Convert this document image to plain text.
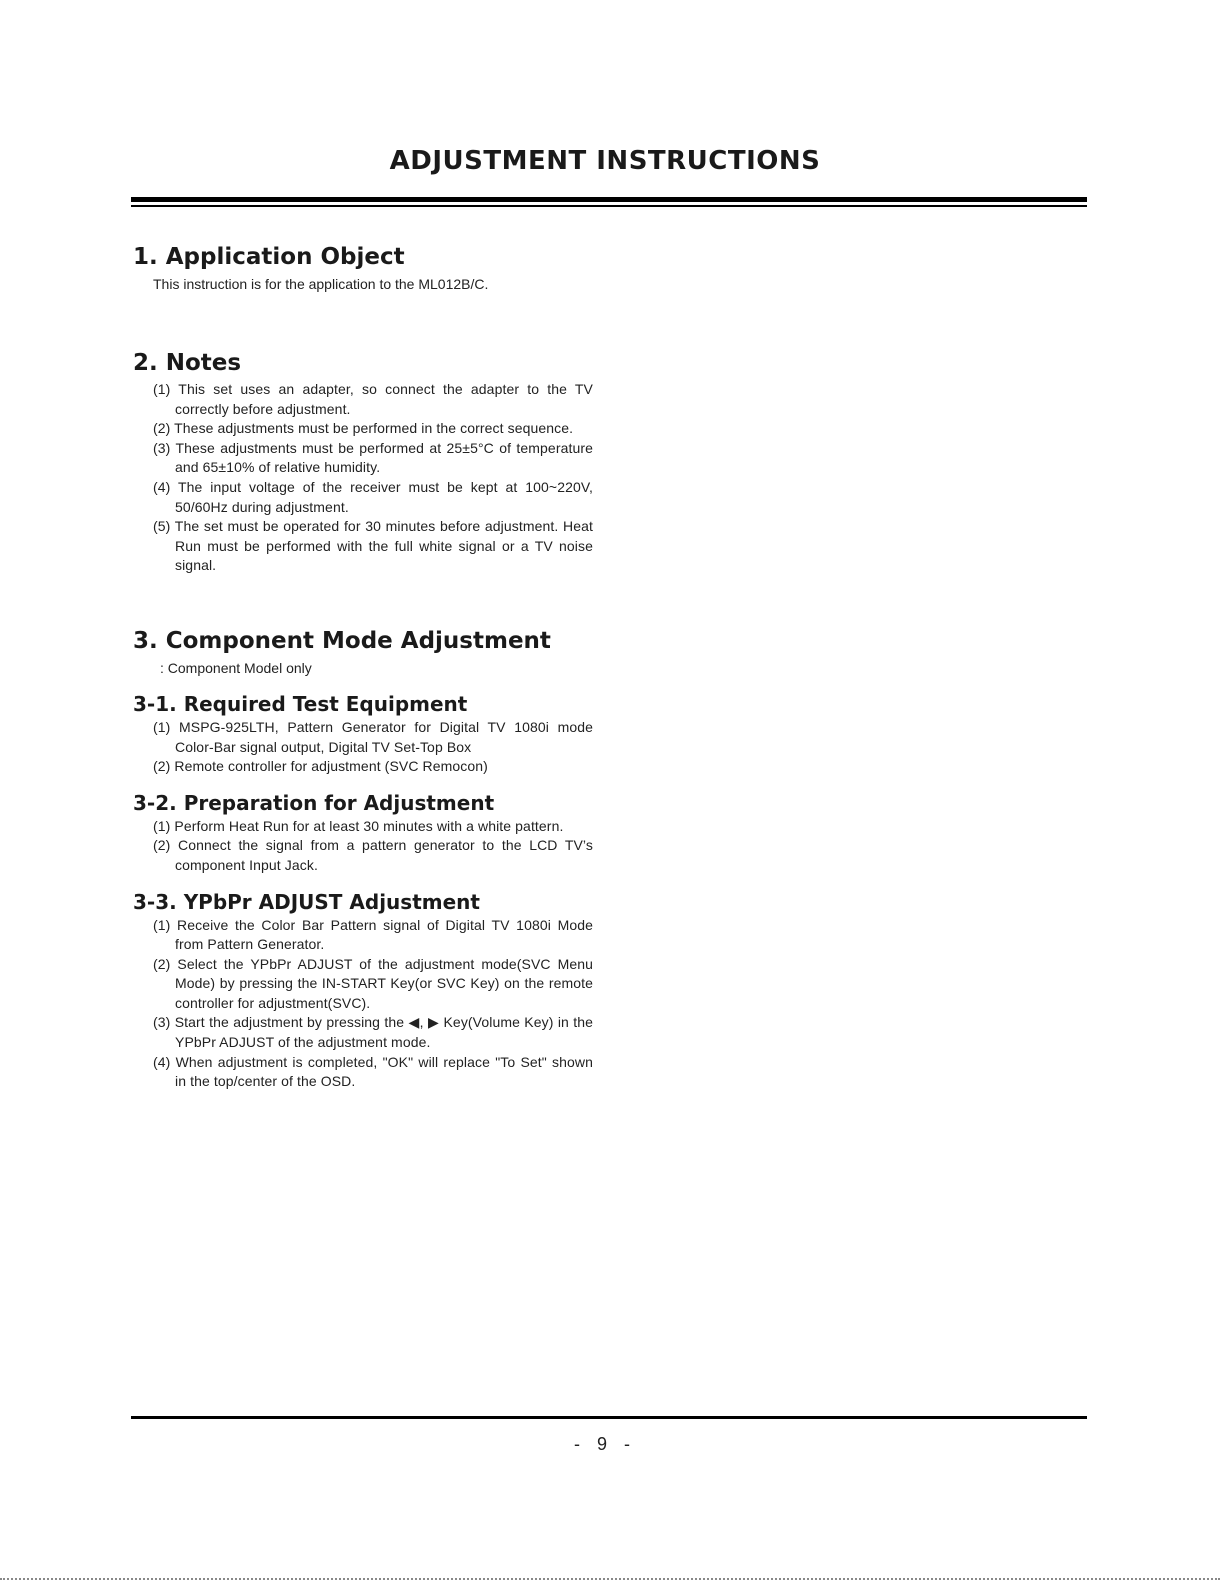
ADJUSTMENT INSTRUCTIONS
1. Application Object

This instruction is for the application to the ML012B/C.

2. Notes
(1) This set uses an adapter, so connect the adapter to the TV correctly before adjustment.
(2) These adjustments must be performed in the correct sequence.
(3) These adjustments must be performed at 25±5°C of temperature and 65±10% of relative humidity.
(4) The input voltage of the receiver must be kept at 100~220V, 50/60Hz during adjustment.
(5) The set must be operated for 30 minutes before adjustment. Heat Run must be performed with the full white signal or a TV noise signal.
3. Component Mode Adjustment

: Component Model only

3-1. Required Test Equipment
(1) MSPG-925LTH, Pattern Generator for Digital TV 1080i mode Color-Bar signal output, Digital TV Set-Top Box
(2) Remote controller for adjustment (SVC Remocon)
3-2. Preparation for Adjustment
(1) Perform Heat Run for at least 30 minutes with a white pattern.
(2) Connect the signal from a pattern generator to the LCD TV’s component Input Jack.
3-3. YPbPr ADJUST Adjustment
(1) Receive the Color Bar Pattern signal of Digital TV 1080i Mode from Pattern Generator.
(2) Select the YPbPr ADJUST of the adjustment mode(SVC Menu Mode) by pressing the IN-START Key(or SVC Key) on the remote controller for adjustment(SVC).
(3) Start the adjustment by pressing the ◀, ▶ Key(Volume Key) in the YPbPr ADJUST of the adjustment mode.
(4) When adjustment is completed, "OK" will replace "To Set" shown in the top/center of the OSD.
- 9 -
